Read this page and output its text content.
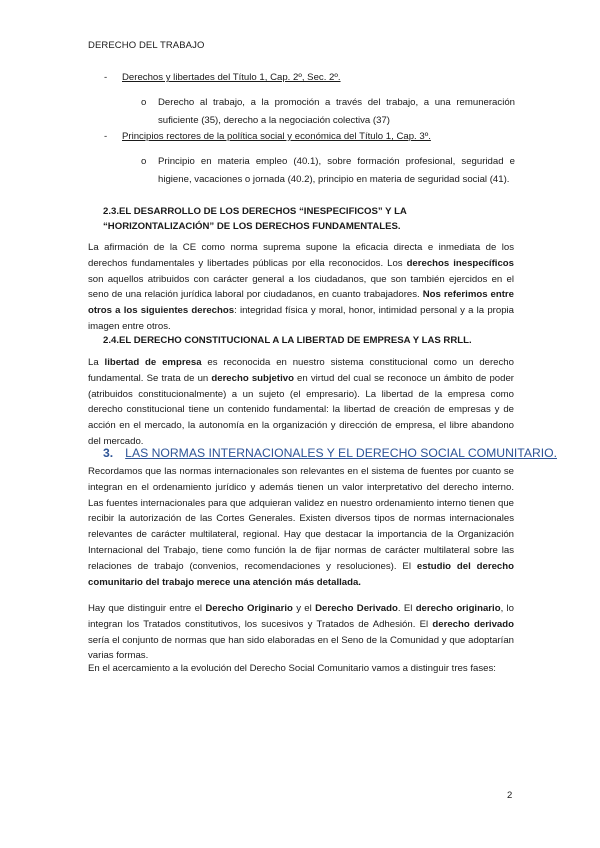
DERECHO DEL TRABAJO
- Derechos y libertades del Título 1, Cap. 2º, Sec. 2º.
o Derecho al trabajo, a la promoción a través del trabajo, a una remuneración suficiente (35), derecho a la negociación colectiva (37)
- Principios rectores de la política social y económica del Título 1, Cap. 3º.
o Principio en materia empleo (40.1), sobre formación profesional, seguridad e higiene, vacaciones o jornada (40.2), principio en materia de seguridad social (41).
2.3.EL DESARROLLO DE LOS DERECHOS “INESPECIFICOS” Y LA “HORIZONTALIZACIÓN” DE LOS DERECHOS FUNDAMENTALES.
La afirmación de la CE como norma suprema supone la eficacia directa e inmediata de los derechos fundamentales y libertades públicas por ella reconocidos. Los derechos inespecíficos son aquellos atribuidos con carácter general a los ciudadanos, que son también ejercidos en el seno de una relación jurídica laboral por ciudadanos, en cuanto trabajadores. Nos referimos entre otros a los siguientes derechos: integridad física y moral, honor, intimidad personal y a la propia imagen entre otros.
2.4.EL DERECHO CONSTITUCIONAL A LA LIBERTAD DE EMPRESA Y LAS RRLL.
La libertad de empresa es reconocida en nuestro sistema constitucional como un derecho fundamental. Se trata de un derecho subjetivo en virtud del cual se reconoce un ámbito de poder (atribuidos constitucionalmente) a un sujeto (el empresario). La libertad de la empresa como derecho constitucional tiene un contenido fundamental: la libertad de creación de empresas y de acción en el mercado, la autonomía en la organización y dirección de empresa, el libre abandono del mercado.
3. LAS NORMAS INTERNACIONALES Y EL DERECHO SOCIAL COMUNITARIO.
Recordamos que las normas internacionales son relevantes en el sistema de fuentes por cuanto se integran en el ordenamiento jurídico y además tienen un valor interpretativo del derecho interno. Las fuentes internacionales para que adquieran validez en nuestro ordenamiento interno tienen que recibir la autorización de las Cortes Generales. Existen diversos tipos de normas internacionales relevantes de carácter multilateral, regional. Hay que destacar la importancia de la Organización Internacional del Trabajo, tiene como función la de fijar normas de carácter multilateral sobre las relaciones de trabajo (convenios, recomendaciones y resoluciones). El estudio del derecho comunitario del trabajo merece una atención más detallada.
Hay que distinguir entre el Derecho Originario y el Derecho Derivado. El derecho originario, lo integran los Tratados constitutivos, los sucesivos y Tratados de Adhesión. El derecho derivado sería el conjunto de normas que han sido elaboradas en el Seno de la Comunidad y que adoptarían varias formas.
En el acercamiento a la evolución del Derecho Social Comunitario vamos a distinguir tres fases:
2
